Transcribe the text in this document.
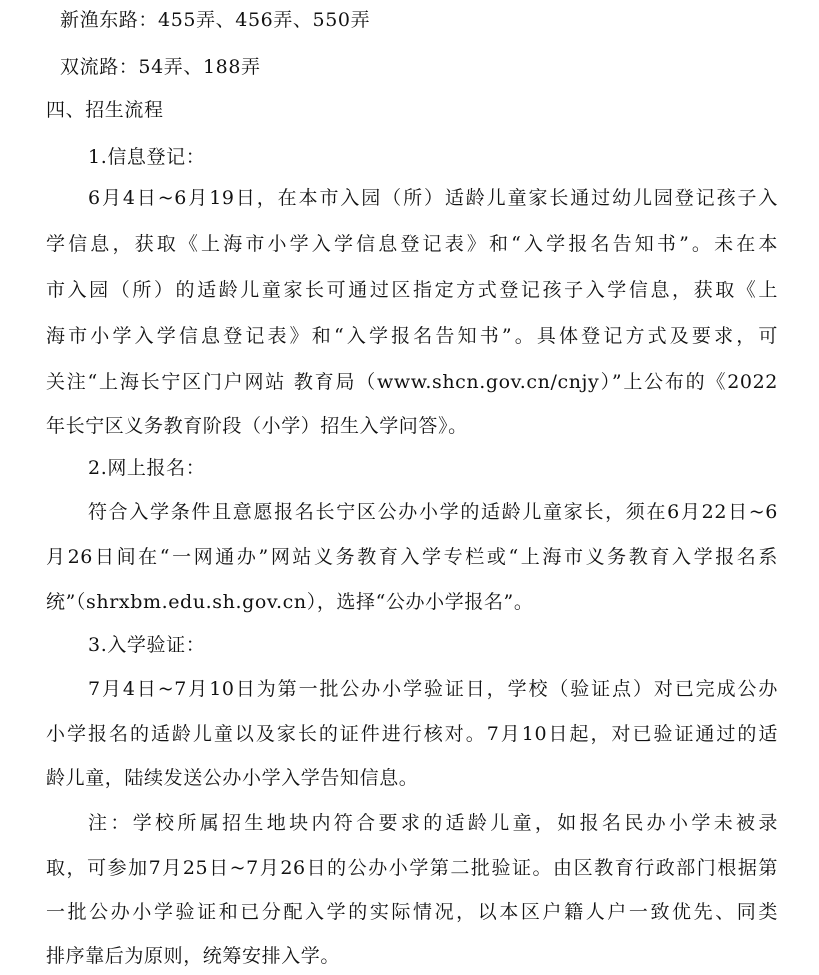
新渔东路：455弄、456弄、550弄
双流路：54弄、188弄
四、招生流程
1.信息登记：
6月4日~6月19日，在本市入园（所）适龄儿童家长通过幼儿园登记孩子入
学信息，获取《上海市小学入学信息登记表》和“入学报名告知书”。未在本
市入园（所）的适龄儿童家长可通过区指定方式登记孩子入学信息，获取《上
海市小学入学信息登记表》和“入学报名告知书”。具体登记方式及要求，可
关注“上海长宁区门户网站 教育局（www.shcn.gov.cn/cnjy）”上公布的《2022
年长宁区义务教育阶段（小学）招生入学问答》。
2.网上报名：
符合入学条件且意愿报名长宁区公办小学的适龄儿童家长，须在6月22日~6
月26日间在“一网通办”网站义务教育入学专栏或“上海市义务教育入学报名系
统”（shrxbm.edu.sh.gov.cn），选择“公办小学报名”。
3.入学验证：
7月4日~7月10日为第一批公办小学验证日，学校（验证点）对已完成公办
小学报名的适龄儿童以及家长的证件进行核对。7月10日起，对已验证通过的适
龄儿童，陆续发送公办小学入学告知信息。
注：学校所属招生地块内符合要求的适龄儿童，如报名民办小学未被录
取，可参加7月25日~7月26日的公办小学第二批验证。由区教育行政部门根据第
一批公办小学验证和已分配入学的实际情况，以本区户籍人户一致优先、同类
排序靠后为原则，统筹安排入学。
